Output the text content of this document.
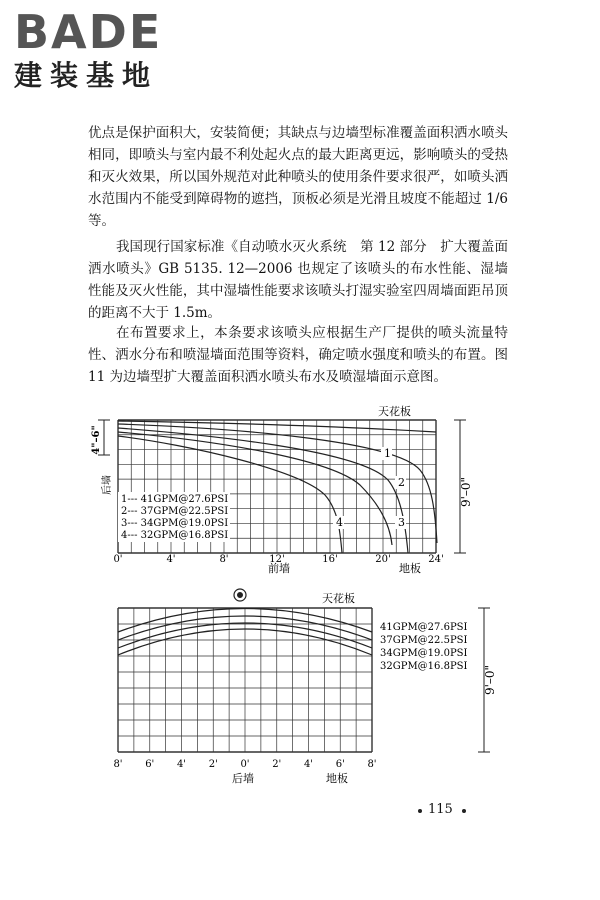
BADE
建装基地

优点是保护面积大，安装简便；其缺点与边墙型标准覆盖面积洒水喷头相同，即喷头与室内最不利处起火点的最大距离更远，影响喷头的受热和灭火效果，所以国外规范对此种喷头的使用条件要求很严，如喷头洒水范围内不能受到障碍物的遮挡，顶板必须是光滑且坡度不能超过 1/6 等。

我国现行国家标准《自动喷水灭火系统　第 12 部分　扩大覆盖面洒水喷头》GB 5135. 12—2006 也规定了该喷头的布水性能、湿墙性能及灭火性能，其中湿墙性能要求该喷头打湿实验室四周墙面距吊顶的距离不大于 1.5m。

在布置要求上，本条要求该喷头应根据生产厂提供的喷头流量特性、洒水分布和喷湿墙面范围等资料，确定喷水强度和喷头的布置。图 11 为边墙型扩大覆盖面积洒水喷头布水及喷湿墙面示意图。

9'–0"
天花板
4"–6"
后墙
1--- 41GPM@27.6PSI
2--- 37GPM@22.5PSI
3--- 34GPM@19.0PSI
4--- 32GPM@16.8PSI
1
2
3
4
0'	4'	8'	12'	16'	20'	24'
前墙	地板
天花板
41GPM@27.6PSI
37GPM@22.5PSI
34GPM@19.0PSI
32GPM@16.8PSI 9'–0"
8' 6' 4' 2' 0' 2' 4' 6' 8'
后墙	地板
115
